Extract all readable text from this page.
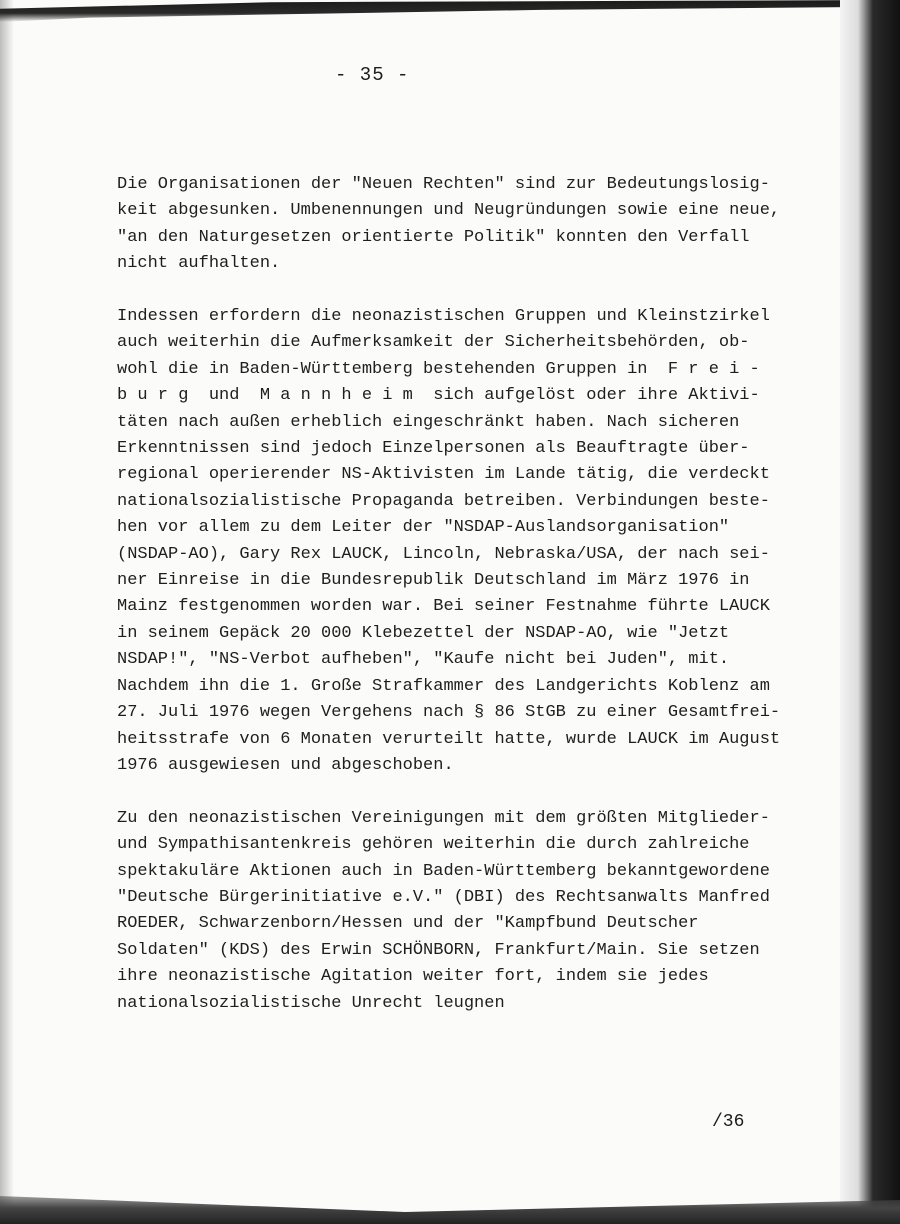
- 35 -
Die Organisationen der "Neuen Rechten" sind zur Bedeutungslosig-
keit abgesunken. Umbenennungen und Neugründungen sowie eine neue,
"an den Naturgesetzen orientierte Politik" konnten den Verfall
nicht aufhalten.
Indessen erfordern die neonazistischen Gruppen und Kleinstzirkel
auch weiterhin die Aufmerksamkeit der Sicherheitsbehörden, ob-
wohl die in Baden-Württemberg bestehenden Gruppen in  F r e i -
b u r g  und  M a n n h e i m  sich aufgelöst oder ihre Aktivi-
täten nach außen erheblich eingeschränkt haben. Nach sicheren
Erkenntnissen sind jedoch Einzelpersonen als Beauftragte über-
regional operierender NS-Aktivisten im Lande tätig, die verdeckt
nationalsozialistische Propaganda betreiben. Verbindungen beste-
hen vor allem zu dem Leiter der "NSDAP-Auslandsorganisation"
(NSDAP-AO), Gary Rex LAUCK, Lincoln, Nebraska/USA, der nach sei-
ner Einreise in die Bundesrepublik Deutschland im März 1976 in
Mainz festgenommen worden war. Bei seiner Festnahme führte LAUCK
in seinem Gepäck 20 000 Klebezettel der NSDAP-AO, wie "Jetzt
NSDAP!", "NS-Verbot aufheben", "Kaufe nicht bei Juden", mit.
Nachdem ihn die 1. Große Strafkammer des Landgerichts Koblenz am
27. Juli 1976 wegen Vergehens nach § 86 StGB zu einer Gesamtfrei-
heitsstrafe von 6 Monaten verurteilt hatte, wurde LAUCK im August
1976 ausgewiesen und abgeschoben.
Zu den neonazistischen Vereinigungen mit dem größten Mitglieder-
und Sympathisantenkreis gehören weiterhin die durch zahlreiche
spektakuläre Aktionen auch in Baden-Württemberg bekanntgewordene
"Deutsche Bürgerinitiative e.V." (DBI) des Rechtsanwalts Manfred
ROEDER, Schwarzenborn/Hessen und der "Kampfbund Deutscher
Soldaten" (KDS) des Erwin SCHÖNBORN, Frankfurt/Main. Sie setzen
ihre neonazistische Agitation weiter fort, indem sie jedes
nationalsozialistische Unrecht leugnen
/36
